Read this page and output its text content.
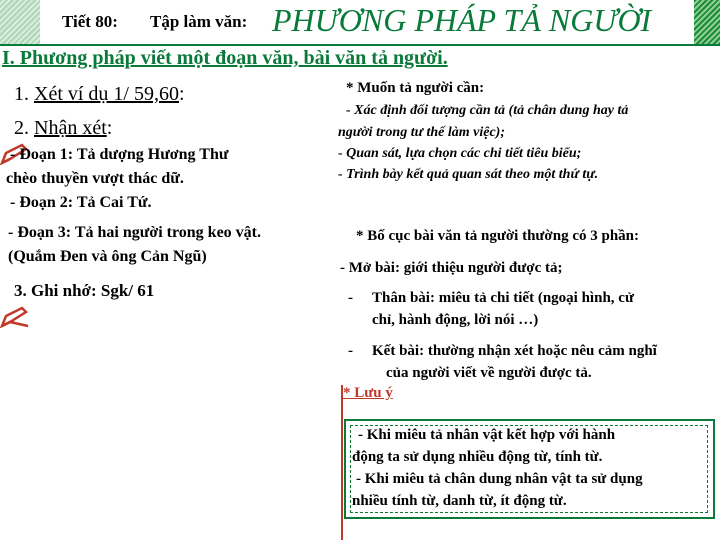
Tiết 80: Tập làm văn: PHƯƠNG PHÁP TẢ NGƯỜI
I. Phương pháp viết một đoạn văn, bài văn tả người.
1. Xét ví dụ 1/ 59,60:
2. Nhận xét:
- Đoạn 1: Tả dượng Hương Thư
chèo thuyền vượt thác dữ.
- Đoạn 2: Tả Cai Tứ.
- Đoạn 3: Tả hai người trong keo vật.
(Quắm Đen và ông Cản Ngũ)
3. Ghi nhớ: Sgk/ 61
* Muốn tả người cần:
- Xác định đối tượng cần tả (tả chân dung hay tả
người trong tư thế làm việc);
- Quan sát, lựa chọn các chi tiết tiêu biểu;
- Trình bày kết quả quan sát theo một thứ tự.
* Bố cục bài văn tả người thường có 3 phần:
- Mở bài: giới thiệu người được tả;
- Thân bài: miêu tả chi tiết (ngoại hình, cử
chỉ, hành động, lời nói …)
- Kết bài: thường nhận xét hoặc nêu cảm nghĩ
của người viết về người được tả.
* Lưu ý
- Khi miêu tả nhân vật kết hợp với hành
động ta sử dụng nhiều động từ, tính từ.
- Khi miêu tả chân dung nhân vật ta sử dụng
nhiều tính từ, danh từ, ít động từ.
